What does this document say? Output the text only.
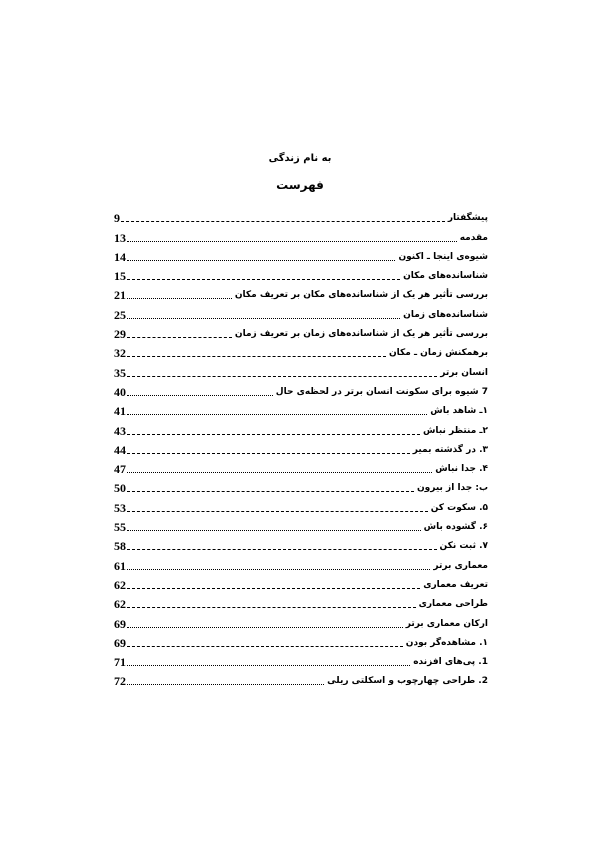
به نام زندگی
فهرست
9	پیشگفتار
13	مقدمه
14	شیوه‌ی اینجا ـ اکنون
15	شناسانده‌های مکان
21	بررسی تأثیر هر یک از شناسانده‌های مکان بر تعریف مکان
25	شناسانده‌های زمان
29	بررسی تأثیر هر یک از شناسانده‌های زمان بر تعریف زمان
32	برهمکنش زمان ـ مکان
35	انسان برتر
40	7 شیوه برای سکونت انسان برتر در لحظه‌ی حال
41	۱ـ شاهد باش
43	۲ـ منتظر نباش
44	۳. در گذشته بمیر
47	۴. جدا نباش
50	ب: جدا از بیرون
53	۵. سکوت کن
55	۶. گشوده باش
58	۷. ثبت نکن
61	معماری برتر
62	تعریف معماری
62	طراحی معماری
69	ارکان معماری برتر
69	۱. مشاهده‌گر بودن
71	1. پی‌های افزنده
72	2. طراحی چهارچوب و اسکلتی ریلی
